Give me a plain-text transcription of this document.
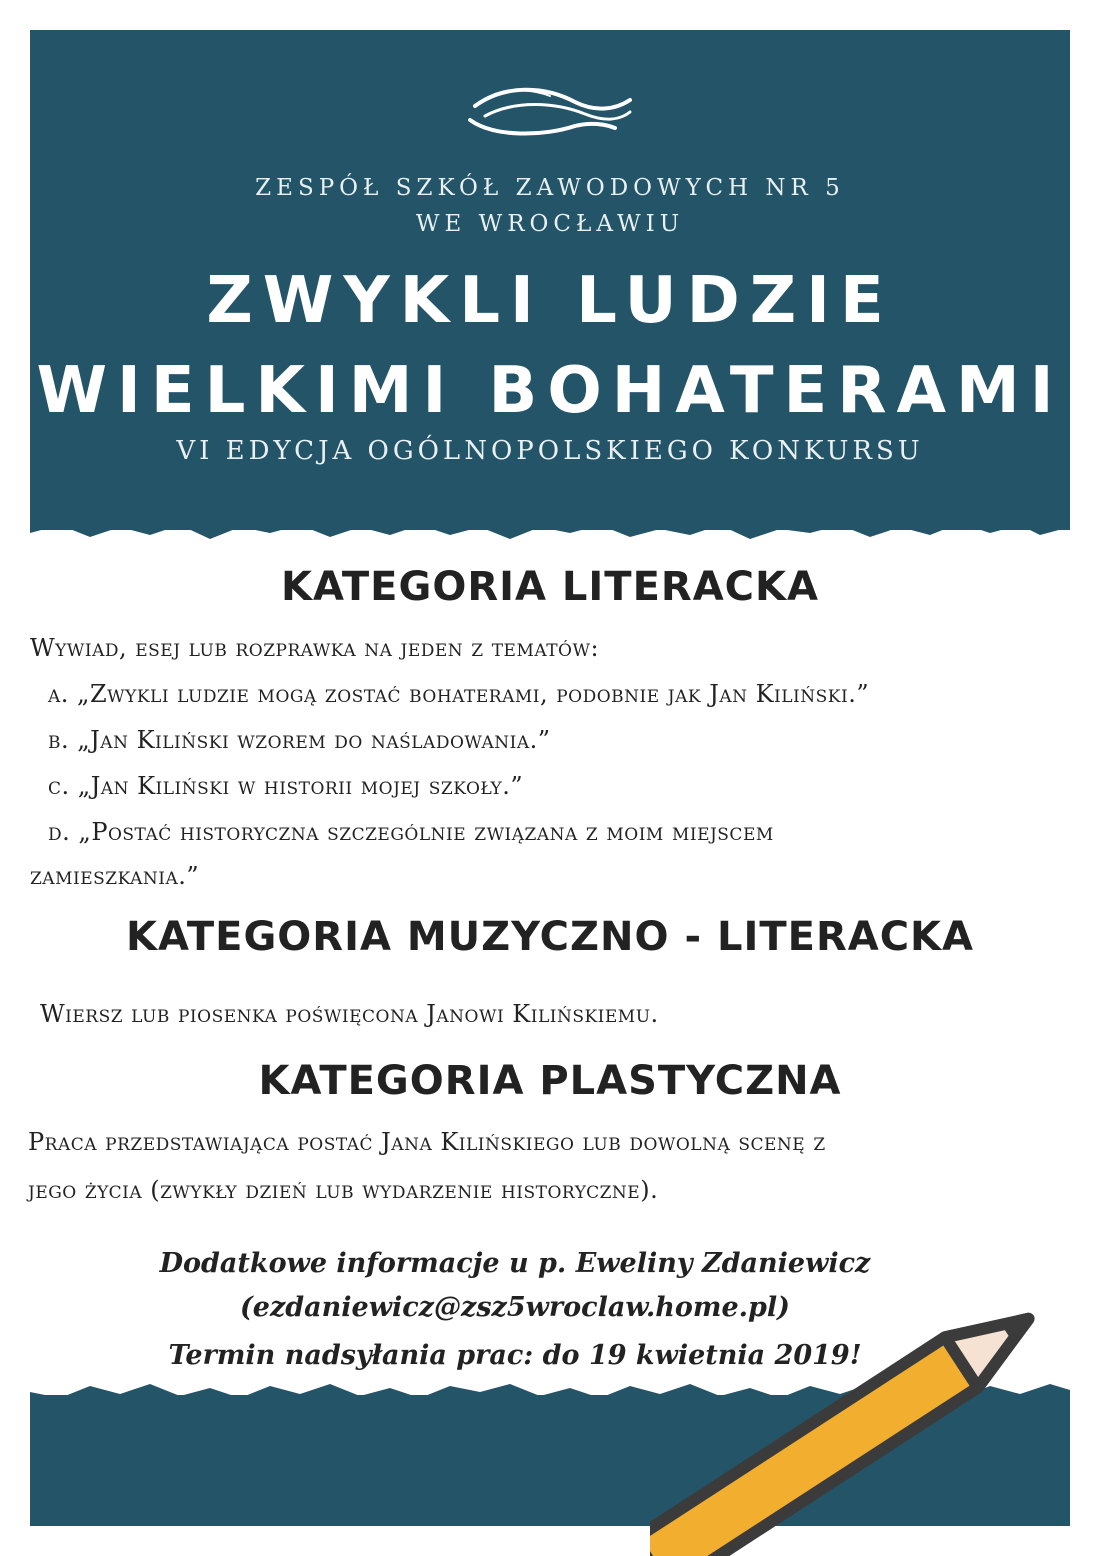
ZESPÓŁ SZKÓŁ ZAWODOWYCH NR 5
WE WROCŁAWIU
ZWYKLI LUDZIE
WIELKIMI BOHATERAMI
VI EDYCJA OGÓLNOPOLSKIEGO KONKURSU
KATEGORIA LITERACKA
Wywiad, esej lub rozprawka na jeden z tematów:
a. „Zwykli ludzie mogą zostać bohaterami, podobnie jak Jan Kiliński.”
b. „Jan Kiliński wzorem do naśladowania.”
c. „Jan Kiliński w historii mojej szkoły.”
d. „Postać historyczna szczególnie związana z moim miejscem
zamieszkania.”
KATEGORIA MUZYCZNO - LITERACKA
Wiersz lub piosenka poświęcona Janowi Kilińskiemu.
KATEGORIA PLASTYCZNA
Praca przedstawiająca postać Jana Kilińskiego lub dowolną scenę z
jego życia (zwykły dzień lub wydarzenie historyczne).
Dodatkowe informacje u p. Eweliny Zdaniewicz
(ezdaniewicz@zsz5wroclaw.home.pl)
Termin nadsyłania prac: do 19 kwietnia 2019!
